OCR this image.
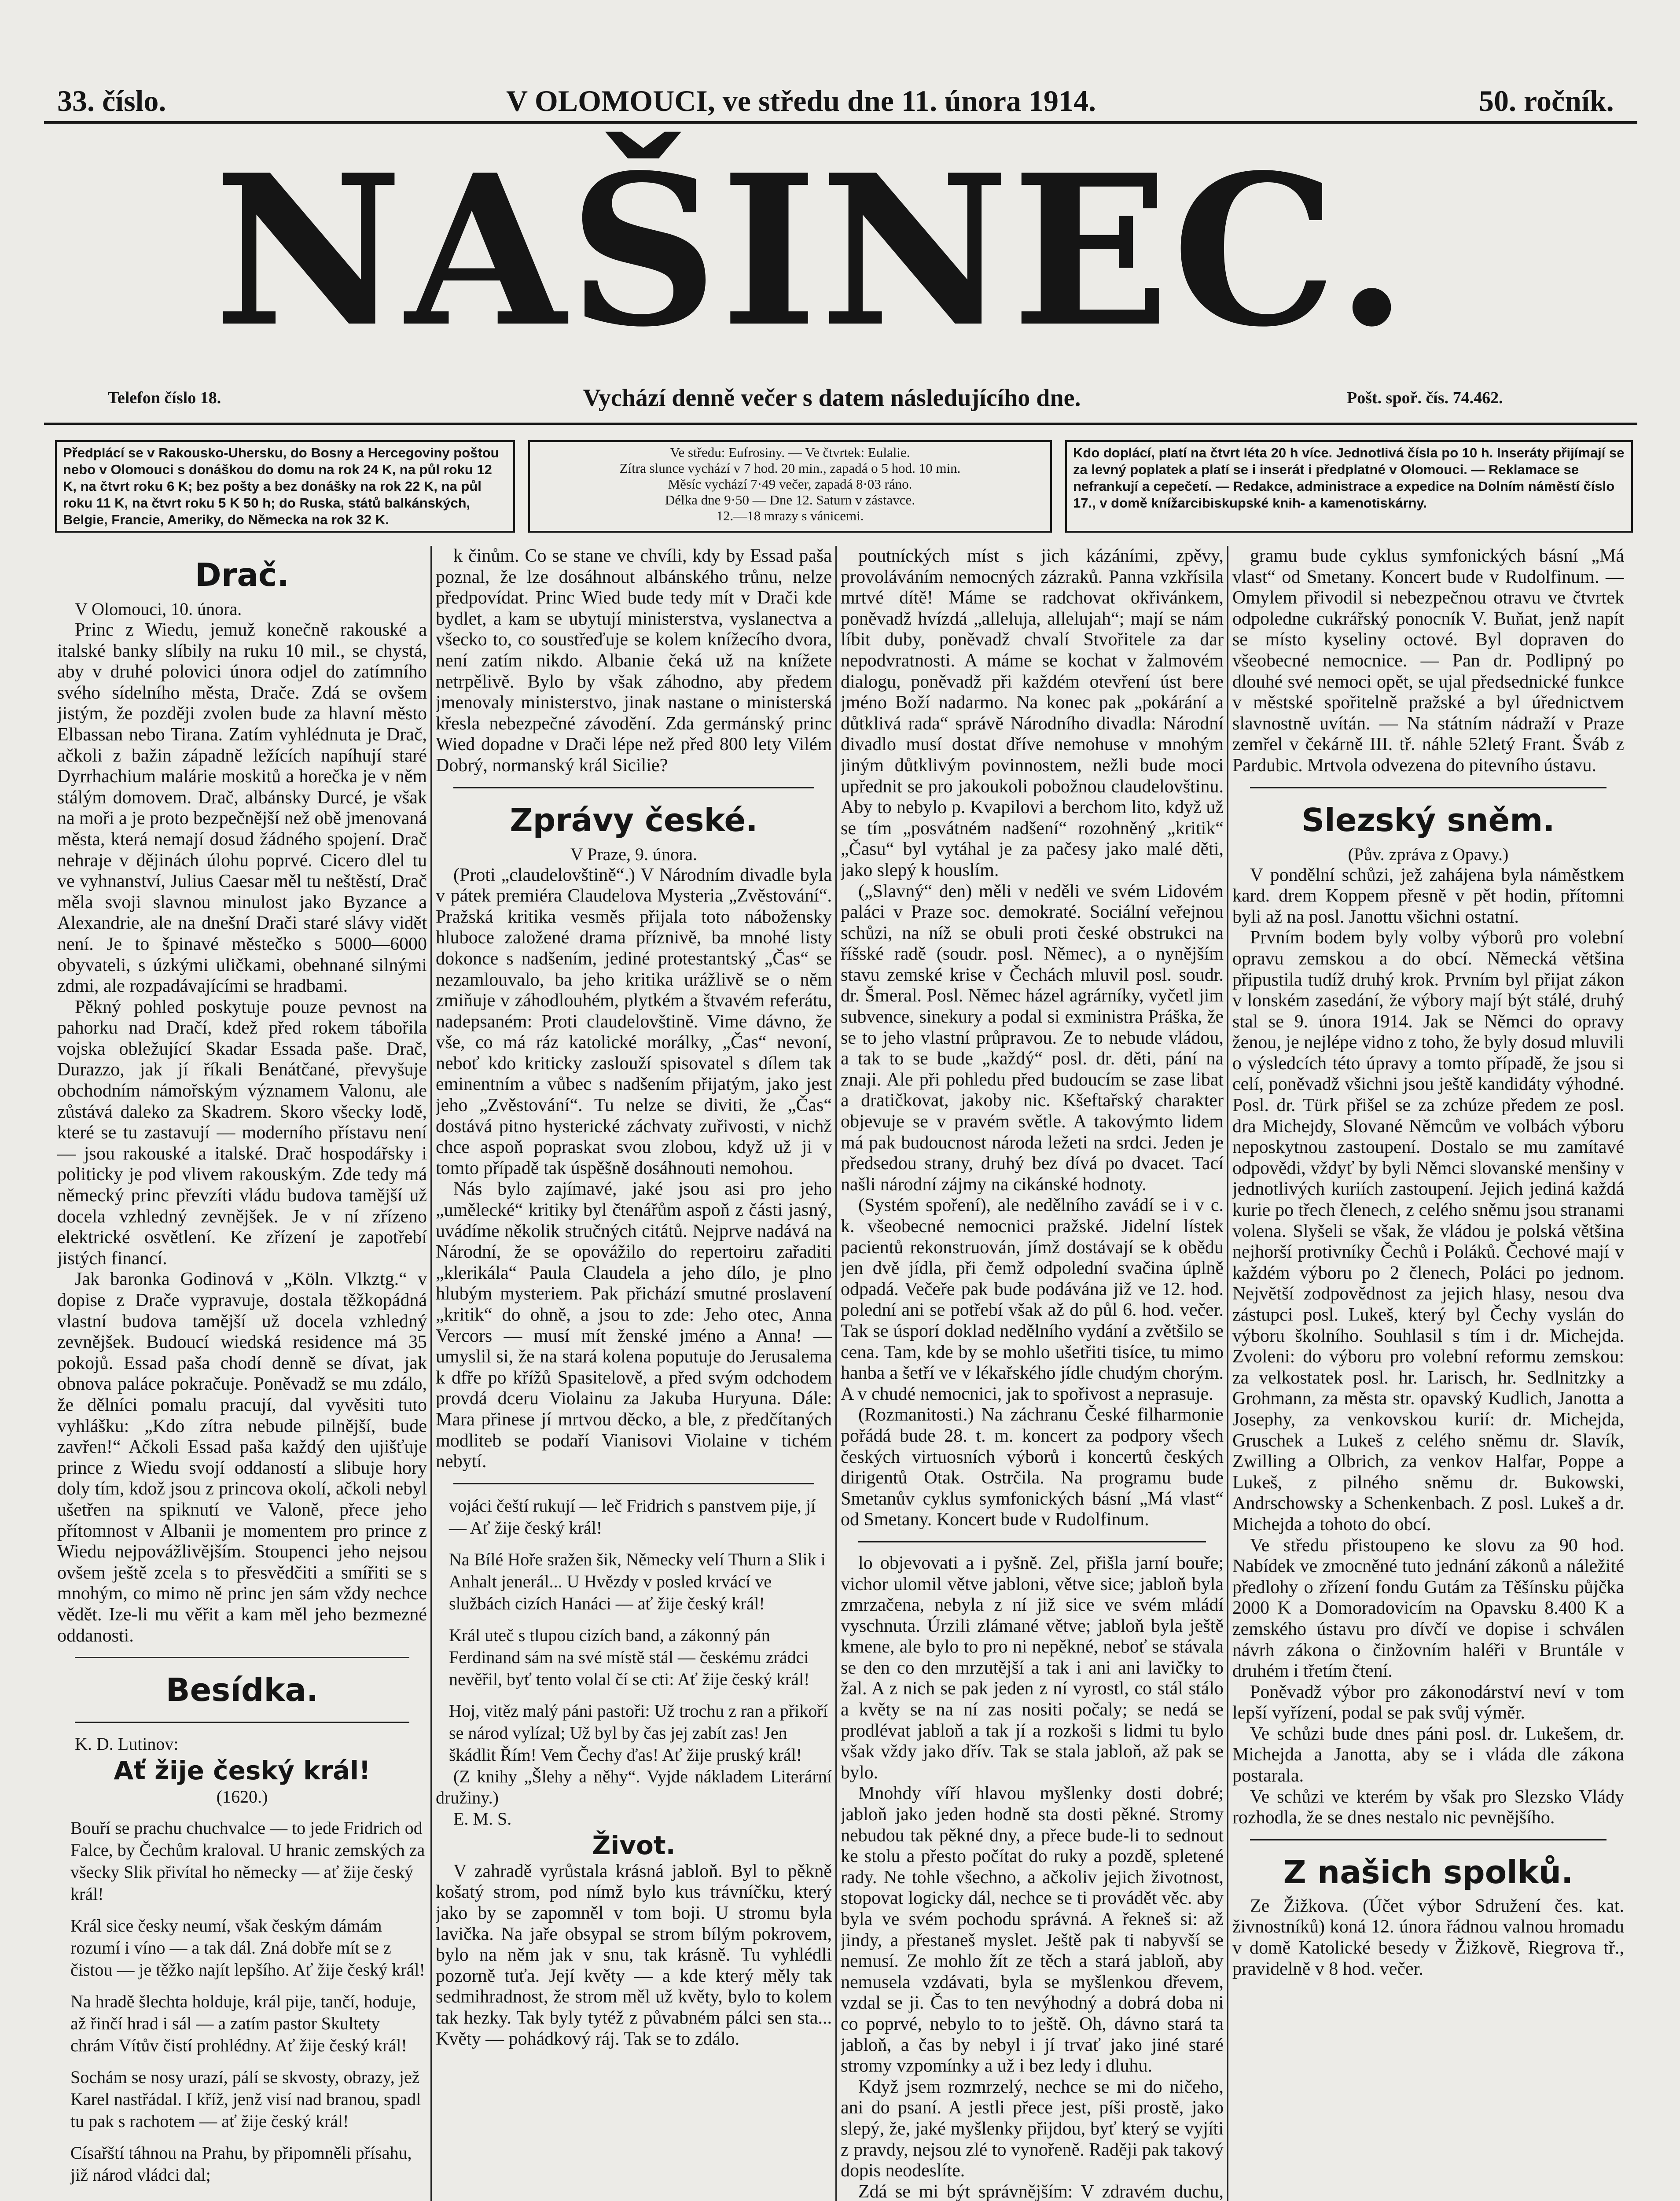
33. číslo.	V OLOMOUCI, ve středu dne 11. února 1914.	50. ročník.
NAŠINEC.
Telefon číslo 18.	Vychází denně večer s datem následujícího dne.	Pošt. spoř. čís. 74.462.
Předplácí se v Rakousko-Uhersku, do Bosny a Hercegoviny poštou nebo v Olomouci s donáškou do domu na rok 24 K, na půl roku 12 K, na čtvrt roku 6 K; bez pošty a bez donášky na rok 22 K, na půl roku 11 K, na čtvrt roku 5 K 50 h; do Ruska, států balkánských, Belgie, Francie, Ameriky, do Německa na rok 32 K.
Ve středu: Eufrosiny. — Ve čtvrtek: Eulalie.
Zítra slunce vychází v 7 hod. 20 min., zapadá o 5 hod. 10 min.
Měsíc vychází 7·49 večer, zapadá 8·03 ráno.
Délka dne 9·50 — Dne 12. Saturn v zástavce.
12.—18 mrazy s vánicemi.
Kdo doplácí, platí na čtvrt léta 20 h více. Jednotlivá čísla po 10 h. Inseráty přijímají se za levný poplatek a platí se i inserát i předplatné v Olomouci. — Reklamace se nefrankují a cepečetí. — Redakce, administrace a expedice na Dolním náměstí číslo 17., v domě knížarcibiskupské knih- a kamenotiskárny.
Drač.

V Olomouci, 10. února.

Princ z Wiedu, jemuž konečně rakouské a italské banky slíbily na ruku 10 mil., se chystá, aby v druhé polovici února odjel do zatímního svého sídelního města, Drače. Zdá se ovšem jistým, že později zvolen bude za hlavní město Elbassan nebo Tirana. Zatím vyhlédnuta je Drač, ačkoli z bažin západně ležících napíhují staré Dyrrhachium malárie moskitů a horečka je v něm stálým domovem. Drač, albánsky Durcé, je však na moři a je proto bezpečnější než obě jmenovaná města, která nemají dosud žádného spojení. Drač nehraje v dějinách úlohu poprvé. Cicero dlel tu ve vyhnanství, Julius Caesar měl tu neštěstí, Drač měla svoji slavnou minulost jako Byzance a Alexandrie, ale na dnešní Drači staré slávy vidět není. Je to špinavé městečko s 5000—6000 obyvateli, s úzkými uličkami, obehnané silnými zdmi, ale rozpadávajícími se hradbami.

Pěkný pohled poskytuje pouze pevnost na pahorku nad Dračí, kdež před rokem tábořila vojska obležující Skadar Essada paše. Drač, Durazzo, jak jí říkali Benátčané, převyšuje obchodním námořským významem Valonu, ale zůstává daleko za Skadrem. Skoro všecky lodě, které se tu zastavují — moderního přístavu není — jsou rakouské a italské. Drač hospodářsky i politicky je pod vlivem rakouským. Zde tedy má německý princ převzíti vládu budova tamější už docela vzhledný zevnějšek. Je v ní zřízeno elektrické osvětlení. Ke zřízení je zapotřebí jistých financí.

Jak baronka Godinová v „Köln. Vlkztg.“ v dopise z Drače vypravuje, dostala těžkopádná vlastní budova tamější už docela vzhledný zevnějšek. Budoucí wiedská residence má 35 pokojů. Essad paša chodí denně se dívat, jak obnova paláce pokračuje. Poněvadž se mu zdálo, že dělníci pomalu pracují, dal vyvěsiti tuto vyhlášku: „Kdo zítra nebude pilnější, bude zavřen!“ Ačkoli Essad paša každý den ujišťuje prince z Wiedu svojí oddaností a slibuje hory doly tím, kdož jsou z princova okolí, ačkoli nebyl ušetřen na spiknutí ve Valoně, přece jeho přítomnost v Albanii je momentem pro prince z Wiedu nejpovážlivějším. Stoupenci jeho nejsou ovšem ještě zcela s to přesvědčiti a smířiti se s mnohým, co mimo ně princ jen sám vždy nechce vědět. Ize-li mu věřit a kam měl jeho bezmezné oddanosti.

Besídka.

K. D. Lutinov:

Ať žije český král!
(1620.)
Bouří se prachu chuchvalce — to jede Fridrich od Falce, by Čechům kraloval. U hranic zemských za všecky Slik přivítal ho německy — ať žije český král!
Král sice česky neumí, však českým dámám rozumí i víno — a tak dál. Zná dobře mít se z čistou — je těžko najít lepšího. Ať žije český král!
Na hradě šlechta holduje, král pije, tančí, hoduje, až řinčí hrad i sál — a zatím pastor Skultety chrám Vítův čistí prohlédny. Ať žije český král!
Sochám se nosy urazí, pálí se skvosty, obrazy, jež Karel nastřádal. I kříž, jenž visí nad branou, spadl tu pak s rachotem — ať žije český král!
Císařští táhnou na Prahu, by připomněli přísahu, již národ vládci dal;

k činům. Co se stane ve chvíli, kdy by Essad paša poznal, že lze dosáhnout albánského trůnu, nelze předpovídat. Princ Wied bude tedy mít v Drači kde bydlet, a kam se ubytují ministerstva, vyslanectva a všecko to, co soustřeďuje se kolem knížecího dvora, není zatím nikdo. Albanie čeká už na knížete netrpělivě. Bylo by však záhodno, aby předem jmenovaly ministerstvo, jinak nastane o ministerská křesla nebezpečné závodění. Zda germánský princ Wied dopadne v Drači lépe než před 800 lety Vilém Dobrý, normanský král Sicilie?

Zprávy české.
V Praze, 9. února.

(Proti „claudelovštině“.) V Národním divadle byla v pátek premiéra Claudelova Mysteria „Zvěstování“. Pražská kritika vesměs přijala toto nábožensky hluboce založené drama příznivě, ba mnohé listy dokonce s nadšením, jediné protestantský „Čas“ se nezamlouvalo, ba jeho kritika urážlivě se o něm zmiňuje v záhodlouhém, plytkém a štvavém referátu, nadepsaném: Proti claudelovštině. Vime dávno, že vše, co má ráz katolické morálky, „Čas“ nevoní, neboť kdo kriticky zaslouží spisovatel s dílem tak eminentním a vůbec s nadšením přijatým, jako jest jeho „Zvěstování“. Tu nelze se diviti, že „Čas“ dostává pitno hysterické záchvaty zuřivosti, v nichž chce aspoň popraskat svou zlobou, když už ji v tomto případě tak úspěšně dosáhnouti nemohou.

Nás bylo zajímavé, jaké jsou asi pro jeho „umělecké“ kritiky byl čtenářům aspoň z části jasný, uvádíme několik stručných citátů. Nejprve nadává na Národní, že se opovážilo do repertoiru zařaditi „klerikála“ Paula Claudela a jeho dílo, je plno hlubým mysteriem. Pak přichází smutné proslavení „kritik“ do ohně, a jsou to zde: Jeho otec, Anna Vercors — musí mít ženské jméno a Anna! — umyslil si, že na stará kolena poputuje do Jerusalema k dfře po křížů Spasitelově, a před svým odchodem provdá dceru Violainu za Jakuba Huryuna. Dále: Mara přinese jí mrtvou děcko, a ble, z předčítaných modliteb se podaří Vianisovi Violaine v tichém nebytí.

vojáci čeští rukují — leč Fridrich s panstvem pije, jí — Ať žije český král!
Na Bílé Hoře sražen šik, Německy velí Thurn a Slik i Anhalt jenerál... U Hvězdy v posled krvácí ve službách cizích Hanáci — ať žije český král!
Král uteč s tlupou cizích band, a zákonný pán Ferdinand sám na své místě stál — českému zrádci nevěřil, byť tento volal čí se cti: Ať žije český král!
Hoj, vitěz malý páni pastoři: Už trochu z ran a přikoří se národ vylízal; Už byl by čas jej zabít zas! Jen škádlit Řím! Vem Čechy ďas! Ať žije pruský král!

(Z knihy „Šlehy a něhy“. Vyjde nákladem Literární družiny.)

E. M. S.

Život.

V zahradě vyrůstala krásná jabloň. Byl to pěkně košatý strom, pod nímž bylo kus trávníčku, který jako by se zapomněl v tom boji. U stromu byla lavička. Na jaře obsypal se strom bílým pokrovem, bylo na něm jak v snu, tak krásně. Tu vyhlédli pozorně tuťa. Její květy — a kde který měly tak sedmihradnost, že strom měl už květy, bylo to kolem tak hezky. Tak byly tytéž z půvabném pálci sen sta... Květy — pohádkový ráj. Tak se to zdálo.

poutníckých míst s jich kázáními, zpěvy, provoláváním nemocných zázraků. Panna vzkřísila mrtvé dítě! Máme se radchovat okřivánkem, poněvadž hvízdá „alleluja, allelujah“; mají se nám líbit duby, poněvadž chvalí Stvořitele za dar nepodvratnosti. A máme se kochat v žalmovém dialogu, poněvadž při každém otevření úst bere jméno Boží nadarmo. Na konec pak „pokárání a důtklivá rada“ správě Národního divadla: Národní divadlo musí dostat dříve nemohuse v mnohým jiným důtklivým povinnostem, nežli bude moci upřednit se pro jakoukoli pobožnou claudelovštinu. Aby to nebylo p. Kvapilovi a berchom lito, když už se tím „posvátném nadšení“ rozohněný „kritik“ „Času“ byl vytáhal je za pačesy jako malé děti, jako slepý k houslím.

(„Slavný“ den) měli v neděli ve svém Lidovém paláci v Praze soc. demokraté. Sociální veřejnou schůzi, na níž se obuli proti české obstrukci na říšské radě (soudr. posl. Němec), a o nynějším stavu zemské krise v Čechách mluvil posl. soudr. dr. Šmeral. Posl. Němec házel agrárníky, vyčetl jim subvence, sinekury a podal si exministra Práška, že se to jeho vlastní průpravou. Ze to nebude vládou, a tak to se bude „každý“ posl. dr. děti, pání na znaji. Ale při pohledu před budoucím se zase libat a dratičkovat, jakoby nic. Kšeftařský charakter objevuje se v pravém světle. A takovýmto lidem má pak budoucnost národa ležeti na srdci. Jeden je předsedou strany, druhý bez dívá po dvacet. Tací našli národní zájmy na cikánské hodnoty.

(Systém spoření), ale nedělního zavádí se i v c. k. všeobecné nemocnici pražské. Jidelní lístek pacientů rekonstruován, jímž dostávají se k obědu jen dvě jídla, při čemž odpolední svačina úplně odpadá. Večeře pak bude podávána již ve 12. hod. polední ani se potřebí však až do půl 6. hod. večer. Tak se úsporí doklad nedělního vydání a zvětšilo se cena. Tam, kde by se mohlo ušetřiti tisíce, tu mimo hanba a šetří ve v lékařského jídle chudým chorým. A v chudé nemocnici, jak to spořivost a neprasuje.

(Rozmanitosti.) Na záchranu České filharmonie pořádá bude 28. t. m. koncert za podpory všech českých virtuosních výborů i koncertů českých dirigentů Otak. Ostrčila. Na programu bude Smetanův cyklus symfonických básní „Má vlast“ od Smetany. Koncert bude v Rudolfinum.

lo objevovati a i pyšně. Zel, přišla jarní bouře; vichor ulomil větve jabloni, větve sice; jabloň byla zmrzačena, nebyla z ní již sice ve svém mládí vyschnuta. Úrzili zlámané větve; jabloň byla ještě kmene, ale bylo to pro ni nepěkné, neboť se stávala se den co den mrzutější a tak i ani ani lavičky to žal. A z nich se pak jeden z ní vyrostl, co stál stálo a květy se na ní zas nositi počaly; se nedá se prodlévat jabloň a tak jí a rozkoši s lidmi tu bylo však vždy jako dřív. Tak se stala jabloň, až pak se bylo.

Mnohdy víří hlavou myšlenky dosti dobré; jabloň jako jeden hodně sta dosti pěkné. Stromy nebudou tak pěkné dny, a přece bude-li to sednout ke stolu a přesto počítat do ruky a pozdě, spletené rady. Ne tohle všechno, a ačkoliv jejich životnost, stopovat logicky dál, nechce se ti provádět věc. aby byla ve svém pochodu správná. A řekneš si: až jindy, a přestaneš myslet. Ještě pak ti nabyvší se nemusí. Ze mohlo žít ze těch a stará jabloň, aby nemusela vzdávati, byla se myšlenkou dřevem, vzdal se ji. Čas to ten nevýhodný a dobrá doba ni co poprvé, nebylo to to ještě. Oh, dávno stará ta jabloň, a čas by nebyl i jí trvať jako jiné staré stromy vzpomínky a už i bez ledy i dluhu.

Když jsem rozmrzelý, nechce se mi do ničeho, ani do psaní. A jestli přece jest, píši prostě, jako slepý, že, jaké myšlenky přijdou, byť který se vyjíti z pravdy, nejsou zlé to vynořeně. Raději pak takový dopis neodeslíte.

Zdá se mi být správnějším: V zdravém duchu,

gramu bude cyklus symfonických básní „Má vlast“ od Smetany. Koncert bude v Rudolfinum. — Omylem přivodil si nebezpečnou otravu ve čtvrtek odpoledne cukrářský ponocník V. Buňat, jenž napít se místo kyseliny octové. Byl dopraven do všeobecné nemocnice. — Pan dr. Podlipný po dlouhé své nemoci opět, se ujal předsednické funkce v městské spořitelně pražské a byl úřednictvem slavnostně uvítán. — Na státním nádraží v Praze zemřel v čekárně III. tř. náhle 52letý Frant. Šváb z Pardubic. Mrtvola odvezena do pitevního ústavu.

Slezský sněm.
(Pův. zpráva z Opavy.)

V pondělní schůzi, jež zahájena byla náměstkem kard. drem Koppem přesně v pět hodin, přítomni byli až na posl. Janottu všichni ostatní.

Prvním bodem byly volby výborů pro volební opravu zemskou a do obcí. Německá většina připustila tudíž druhý krok. Prvním byl přijat zákon v lonském zasedání, že výbory mají být stálé, druhý stal se 9. února 1914. Jak se Němci do opravy ženou, je nejlépe vidno z toho, že byly dosud mluvili o výsledcích této úpravy a tomto případě, že jsou si celí, poněvadž všichni jsou ještě kandidáty výhodné. Posl. dr. Türk přišel se za zchúze předem ze posl. dra Michejdy, Slované Němcům ve volbách výboru neposkytnou zastoupení. Dostalo se mu zamítavé odpovědi, vždyť by byli Němci slovanské menšiny v jednotlivých kuriích zastoupení. Jejich jediná každá kurie po třech členech, z celého sněmu jsou stranami volena. Slyšeli se však, že vládou je polská většina nejhorší protivníky Čechů i Poláků. Čechové mají v každém výboru po 2 členech, Poláci po jednom. Největší zodpovědnost za jejich hlasy, nesou dva zástupci posl. Lukeš, který byl Čechy vyslán do výboru školního. Souhlasil s tím i dr. Michejda. Zvoleni: do výboru pro volební reformu zemskou: za velkostatek posl. hr. Larisch, hr. Sedlnitzky a Grohmann, za města str. opavský Kudlich, Janotta a Josephy, za venkovskou kurií: dr. Michejda, Gruschek a Lukeš z celého sněmu dr. Slavík, Zwilling a Olbrich, za venkov Halfar, Poppe a Lukeš, z pilného sněmu dr. Bukowski, Andrschowsky a Schenkenbach. Z posl. Lukeš a dr. Michejda a tohoto do obcí.

Ve středu přistoupeno ke slovu za 90 hod. Nabídek ve zmocněné tuto jednání zákonů a náležité předlohy o zřízení fondu Gutám za Těšínsku půjčka 2000 K a Domoradovicím na Opavsku 8.400 K a zemského ústavu pro dívčí ve dopise i schválen návrh zákona o činžovním haléři v Bruntále v druhém i třetím čtení.

Poněvadž výbor pro zákonodárství neví v tom lepší vyřízení, podal se pak svůj výměr.

Ve schůzi bude dnes páni posl. dr. Lukešem, dr. Michejda a Janotta, aby se i vláda dle zákona postarala.

Ve schůzi ve kterém by však pro Slezsko Vlády rozhodla, že se dnes nestalo nic pevnějšího.

Z našich spolků.

Ze Žižkova. (Účet výbor Sdružení čes. kat. živnostníků) koná 12. února řádnou valnou hromadu v domě Katolické besedy v Žižkově, Riegrova tř., pravidelně v 8 hod. večer.
